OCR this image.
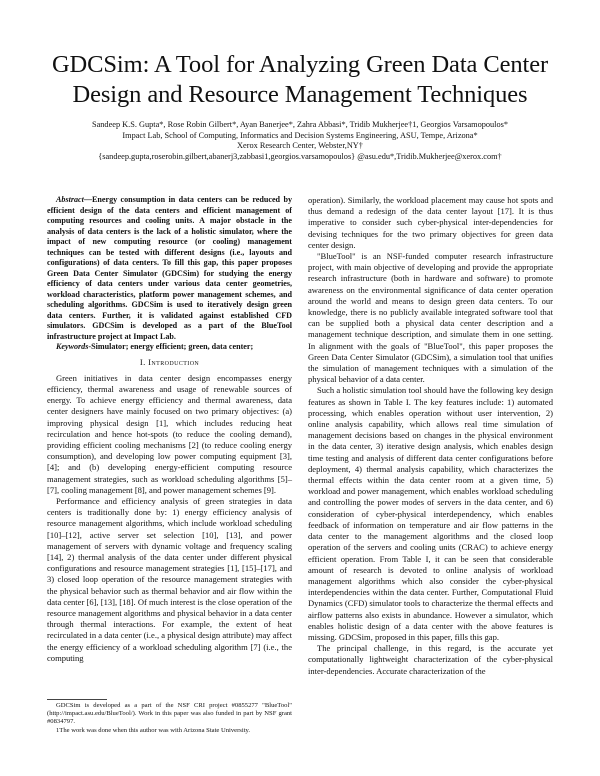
GDCSim: A Tool for Analyzing Green Data Center
Design and Resource Management Techniques
Sandeep K.S. Gupta*, Rose Robin Gilbert*, Ayan Banerjee*, Zahra Abbasi*, Tridib Mukherjee†1, Georgios Varsamopoulos*
Impact Lab, School of Computing, Informatics and Decision Systems Engineering, ASU, Tempe, Arizona*
Xerox Research Center, Webster,NY†
{sandeep.gupta,roserobin.gilbert,abanerj3,zabbasi1,georgios.varsamopoulos} @asu.edu*,Tridib.Mukherjee@xerox.com†

Abstract—Energy consumption in data centers can be reduced by efficient design of the data centers and efficient management of computing resources and cooling units. A major obstacle in the analysis of data centers is the lack of a holistic simulator, where the impact of new computing resource (or cooling) management techniques can be tested with different designs (i.e., layouts and configurations) of data centers. To fill this gap, this paper proposes Green Data Center Simulator (GDCSim) for studying the energy efficiency of data centers under various data center geometries, workload characteristics, platform power management schemes, and scheduling algorithms. GDCSim is used to iteratively design green data centers. Further, it is validated against established CFD simulators. GDCSim is developed as a part of the BlueTool infrastructure project at Impact Lab.

Keywords-Simulator; energy efficient; green, data center;

I. Introduction

Green initiatives in data center design encompasses energy efficiency, thermal awareness and usage of renewable sources of energy. To achieve energy efficiency and thermal awareness, data center designers have mainly focused on two primary objectives: (a) improving physical design [1], which includes reducing heat recirculation and hence hot-spots (to reduce the cooling demand), providing efficient cooling mechanisms [2] (to reduce cooling energy consumption), and developing low power computing equipment [3], [4]; and (b) developing energy-efficient computing resource management strategies, such as workload scheduling algorithms [5]–[7], cooling management [8], and power management schemes [9].

Performance and efficiency analysis of green strategies in data centers is traditionally done by: 1) energy efficiency analysis of resource management algorithms, which include workload scheduling [10]–[12], active server set selection [10], [13], and power management of servers with dynamic voltage and frequency scaling [14], 2) thermal analysis of the data center under different physical configurations and resource management strategies [1], [15]–[17], and 3) closed loop operation of the resource management strategies with the physical behavior such as thermal behavior and air flow within the data center [6], [13], [18]. Of much interest is the close operation of the resource management algorithms and physical behavior in a data center through thermal interactions. For example, the extent of heat recirculated in a data center (i.e., a physical design attribute) may affect the energy efficiency of a workload scheduling algorithm [7] (i.e., the computing

GDCSim is developed as a part of the NSF CRI project #0855277 "BlueTool" (http://impact.asu.edu/BlueTool/). Work in this paper was also funded in part by NSF grant #0834797.

1The work was done when this author was with Arizona State University.

operation). Similarly, the workload placement may cause hot spots and thus demand a redesign of the data center layout [17]. It is thus imperative to consider such cyber-physical inter-dependencies for devising techniques for the two primary objectives for green data center design.

"BlueTool" is an NSF-funded computer research infrastructure project, with main objective of developing and provide the appropriate research infrastructure (both in hardware and software) to promote awareness on the environmental significance of data center operation around the world and means to design green data centers. To our knowledge, there is no publicly available integrated software tool that can be supplied both a physical data center description and a management technique description, and simulate them in one setting. In alignment with the goals of "BlueTool", this paper proposes the Green Data Center Simulator (GDCSim), a simulation tool that unifies the simulation of management techniques with a simulation of the physical behavior of a data center.

Such a holistic simulation tool should have the following key design features as shown in Table I. The key features include: 1) automated processing, which enables operation without user intervention, 2) online analysis capability, which allows real time simulation of management decisions based on changes in the physical environment in the data center, 3) iterative design analysis, which enables design time testing and analysis of different data center configurations before deployment, 4) thermal analysis capability, which characterizes the thermal effects within the data center room at a given time, 5) workload and power management, which enables workload scheduling and controlling the power modes of servers in the data center, and 6) consideration of cyber-physical interdependency, which enables feedback of information on temperature and air flow patterns in the data center to the management algorithms and the closed loop operation of the servers and cooling units (CRAC) to achieve energy efficient operation. From Table I, it can be seen that considerable amount of research is devoted to online analysis of workload management algorithms which also consider the cyber-physical interdependencies within the data center. Further, Computational Fluid Dynamics (CFD) simulator tools to characterize the thermal effects and airflow patterns also exists in abundance. However a simulator, which enables holistic design of a data center with the above features is missing. GDCSim, proposed in this paper, fills this gap.

The principal challenge, in this regard, is the accurate yet computationally lightweight characterization of the cyber-physical inter-dependencies. Accurate characterization of the
